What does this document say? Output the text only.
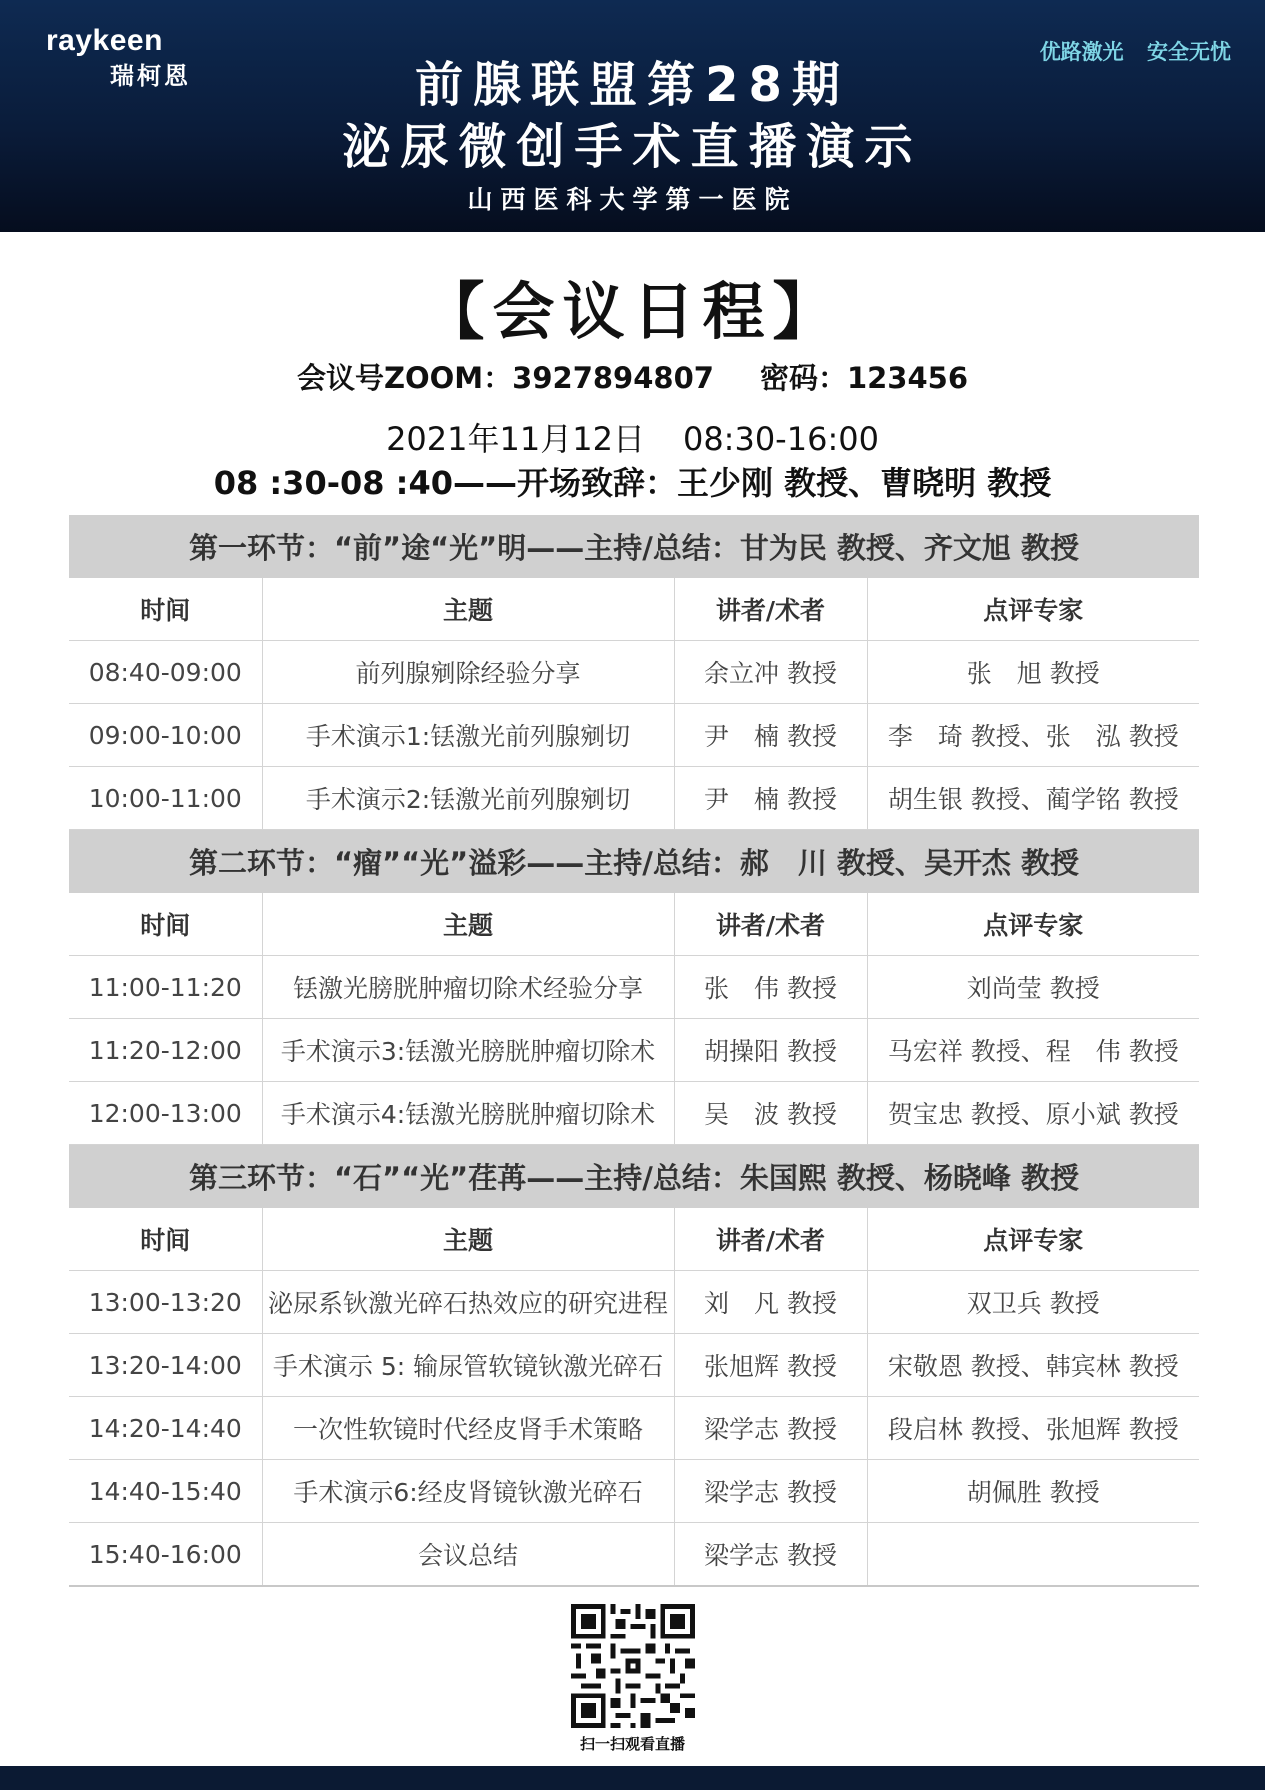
raykeen
瑞柯恩
优路激光 安全无忧
前腺联盟第28期
泌尿微创手术直播演示
山西医科大学第一医院
【会议日程】
会议号ZOOM：3927894807 密码：123456
2021年11月12日 08:30-16:00
08 :30-08 :40——开场致辞：王少刚 教授、曹晓明 教授
第一环节：“前”途“光”明——主持/总结：甘为民 教授、齐文旭 教授			
时间	主题	讲者/术者	点评专家
08:40-09:00	前列腺剜除经验分享	余立冲 教授	张　旭 教授
09:00-10:00	手术演示1:铥激光前列腺剜切	尹　楠 教授	李　琦 教授、张　泓 教授
10:00-11:00	手术演示2:铥激光前列腺剜切	尹　楠 教授	胡生银 教授、蔺学铭 教授
第二环节：“瘤”“光”溢彩——主持/总结：郝　川 教授、吴开杰 教授			
时间	主题	讲者/术者	点评专家
11:00-11:20	铥激光膀胱肿瘤切除术经验分享	张　伟 教授	刘尚莹 教授
11:20-12:00	手术演示3:铥激光膀胱肿瘤切除术	胡操阳 教授	马宏祥 教授、程　伟 教授
12:00-13:00	手术演示4:铥激光膀胱肿瘤切除术	吴　波 教授	贺宝忠 教授、原小斌 教授
第三环节：“石”“光”荏苒——主持/总结：朱国熙 教授、杨晓峰 教授			
时间	主题	讲者/术者	点评专家
13:00-13:20	泌尿系钬激光碎石热效应的研究进程	刘　凡 教授	双卫兵 教授
13:20-14:00	手术演示 5: 输尿管软镜钬激光碎石	张旭辉 教授	宋敬恩 教授、韩宾林 教授
14:20-14:40	一次性软镜时代经皮肾手术策略	梁学志 教授	段启林 教授、张旭辉 教授
14:40-15:40	手术演示6:经皮肾镜钬激光碎石	梁学志 教授	胡佩胜 教授
15:40-16:00	会议总结	梁学志 教授	
扫一扫观看直播
